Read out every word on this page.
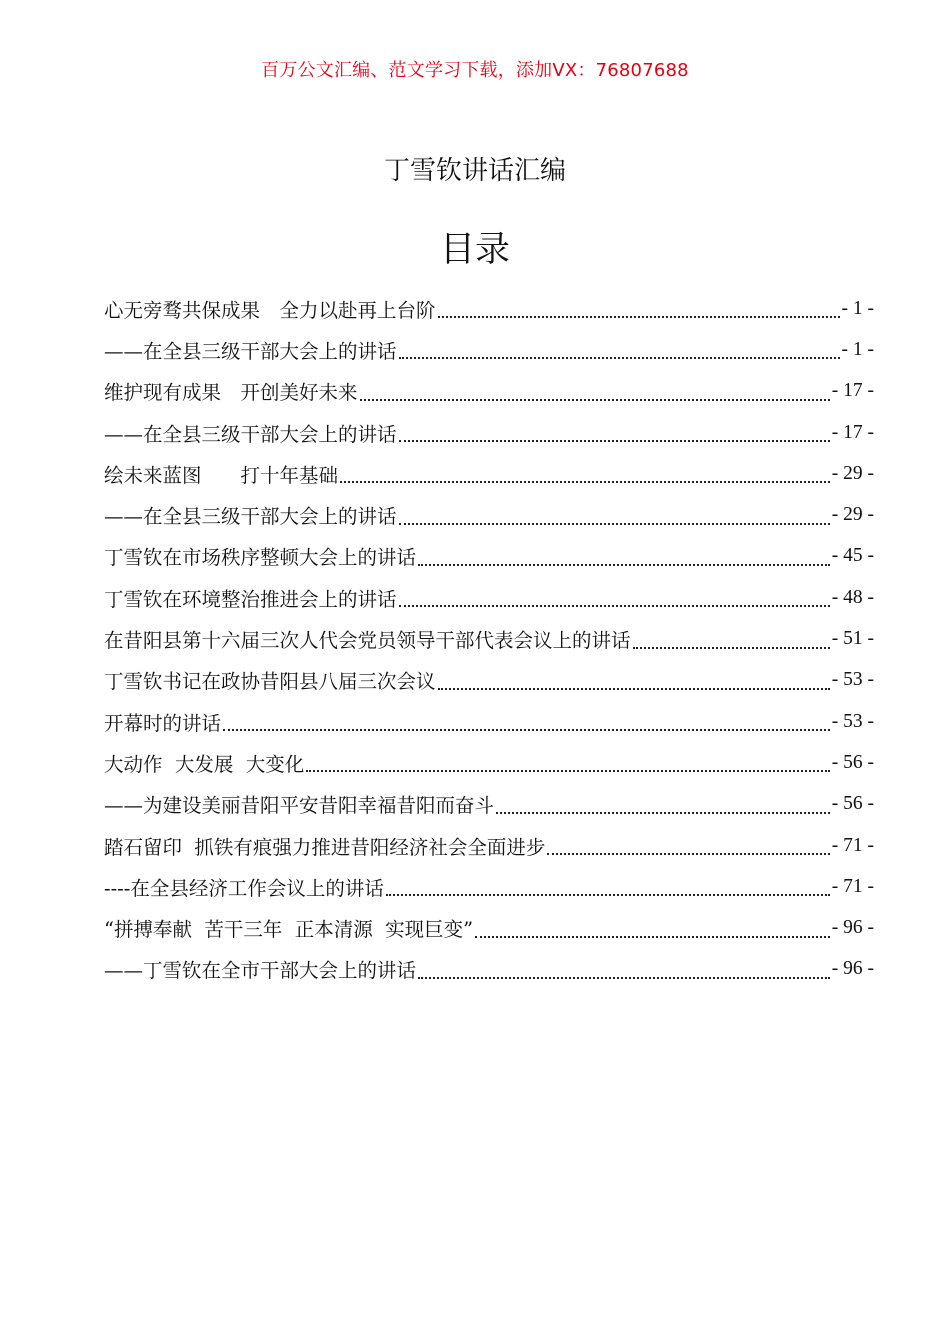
百万公文汇编、范文学习下载，添加VX：76807688
丁雪钦讲话汇编
目录
心无旁骛共保成果　全力以赴再上台阶	- 1 -
——在全县三级干部大会上的讲话	- 1 -
维护现有成果　开创美好未来	- 17 -
——在全县三级干部大会上的讲话	- 17 -
绘未来蓝图　　打十年基础	- 29 -
——在全县三级干部大会上的讲话	- 29 -
丁雪钦在市场秩序整顿大会上的讲话	- 45 -
丁雪钦在环境整治推进会上的讲话	- 48 -
在昔阳县第十六届三次人代会党员领导干部代表会议上的讲话	- 51 -
丁雪钦书记在政协昔阳县八届三次会议	- 53 -
开幕时的讲话	- 53 -
大动作  大发展  大变化	- 56 -
——为建设美丽昔阳平安昔阳幸福昔阳而奋斗	- 56 -
踏石留印  抓铁有痕强力推进昔阳经济社会全面进步	- 71 -
----在全县经济工作会议上的讲话	- 71 -
“拼搏奉献  苦干三年  正本清源  实现巨变”	- 96 -
——丁雪钦在全市干部大会上的讲话	- 96 -
